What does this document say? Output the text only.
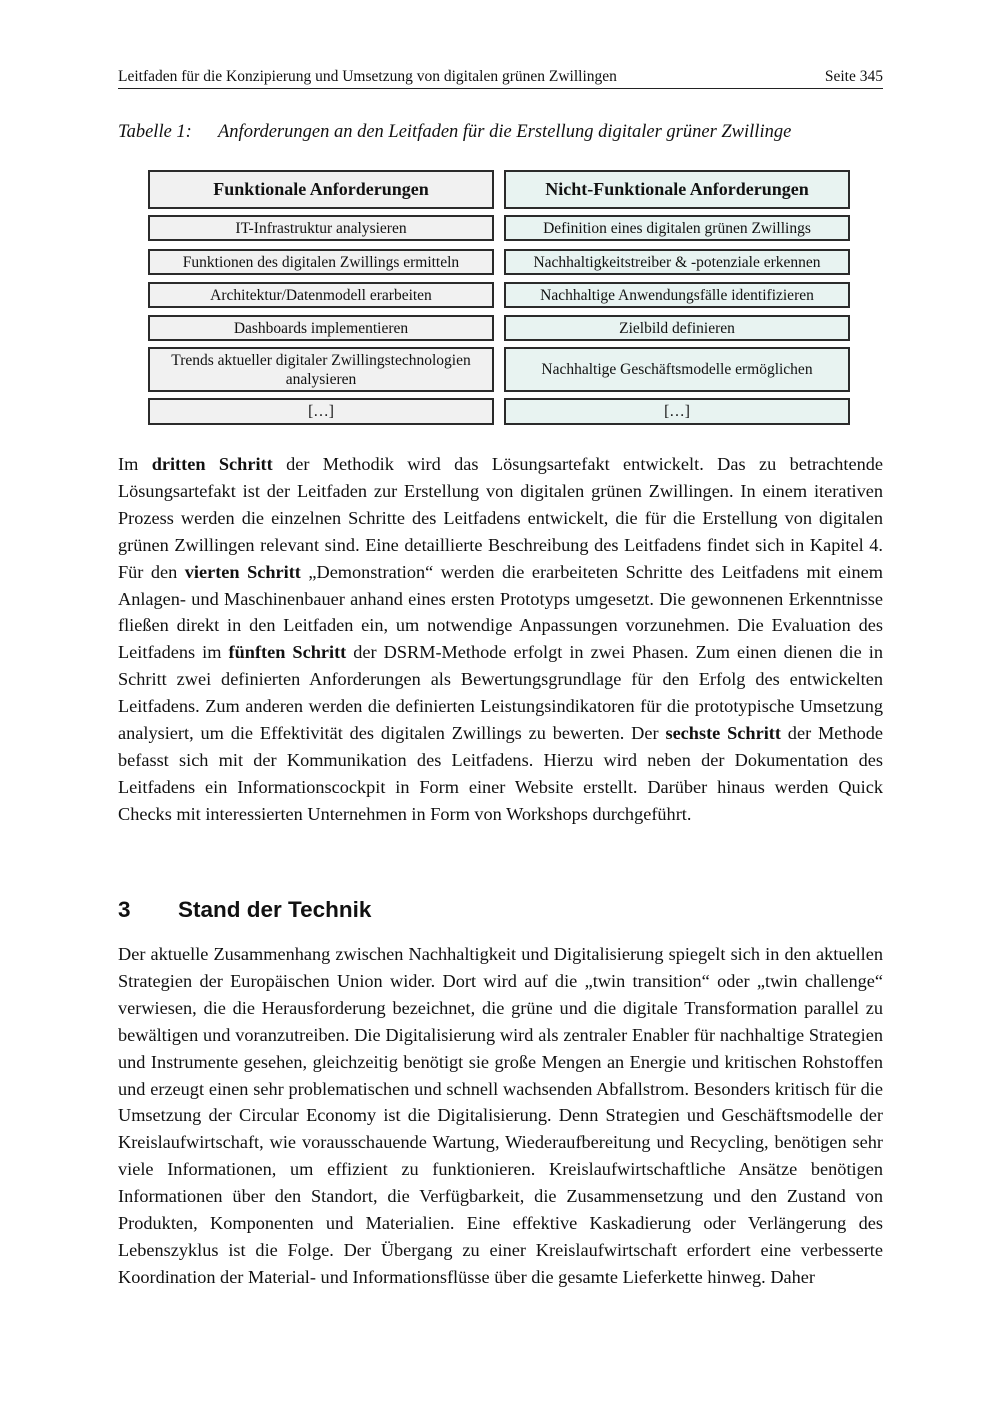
Leitfaden für die Konzipierung und Umsetzung von digitalen grünen Zwillingen	Seite 345
Tabelle 1: Anforderungen an den Leitfaden für die Erstellung digitaler grüner Zwillinge
Funktionale Anforderungen
IT-Infrastruktur analysieren
Funktionen des digitalen Zwillings ermitteln
Architektur/Datenmodell erarbeiten
Dashboards implementieren
Trends aktueller digitaler Zwillingstechnologien analysieren
[…]
Nicht-Funktionale Anforderungen
Definition eines digitalen grünen Zwillings
Nachhaltigkeitstreiber & -potenziale erkennen
Nachhaltige Anwendungsfälle identifizieren
Zielbild definieren
Nachhaltige Geschäftsmodelle ermöglichen
[…]

Im dritten Schritt der Methodik wird das Lösungsartefakt entwickelt. Das zu betrachtende Lösungsartefakt ist der Leitfaden zur Erstellung von digitalen grünen Zwillingen. In einem iterativen Prozess werden die einzelnen Schritte des Leitfadens entwickelt, die für die Erstellung von digitalen grünen Zwillingen relevant sind. Eine detaillierte Beschreibung des Leitfadens findet sich in Kapitel 4. Für den vierten Schritt „Demonstration“ werden die erarbeiteten Schritte des Leitfadens mit einem Anlagen- und Maschinenbauer anhand eines ersten Prototyps umgesetzt. Die gewonnenen Erkenntnisse fließen direkt in den Leitfaden ein, um notwendige Anpassungen vorzunehmen. Die Evaluation des Leitfadens im fünften Schritt der DSRM-Methode erfolgt in zwei Phasen. Zum einen dienen die in Schritt zwei definierten Anforderungen als Bewertungsgrundlage für den Erfolg des entwickelten Leitfadens. Zum anderen werden die definierten Leistungsindikatoren für die prototypische Umsetzung analysiert, um die Effektivität des digitalen Zwillings zu bewerten. Der sechste Schritt der Methode befasst sich mit der Kommunikation des Leitfadens. Hierzu wird neben der Dokumentation des Leitfadens ein Informationscockpit in Form einer Website erstellt. Darüber hinaus werden Quick Checks mit interessierten Unternehmen in Form von Workshops durchgeführt.

3 Stand der Technik

Der aktuelle Zusammenhang zwischen Nachhaltigkeit und Digitalisierung spiegelt sich in den aktuellen Strategien der Europäischen Union wider. Dort wird auf die „twin transition“ oder „twin challenge“ verwiesen, die die Herausforderung bezeichnet, die grüne und die digitale Transformation parallel zu bewältigen und voranzutreiben. Die Digitalisierung wird als zentraler Enabler für nachhaltige Strategien und Instrumente gesehen, gleichzeitig benötigt sie große Mengen an Energie und kritischen Rohstoffen und erzeugt einen sehr problematischen und schnell wachsenden Abfallstrom. Besonders kritisch für die Umsetzung der Circular Economy ist die Digitalisierung. Denn Strategien und Geschäftsmodelle der Kreislaufwirtschaft, wie vorausschauende Wartung, Wiederaufbereitung und Recycling, benötigen sehr viele Informationen, um effizient zu funktionieren. Kreislaufwirtschaftliche Ansätze benötigen Informationen über den Standort, die Verfügbarkeit, die Zusammensetzung und den Zustand von Produkten, Komponenten und Materialien. Eine effektive Kaskadierung oder Verlängerung des Lebenszyklus ist die Folge. Der Übergang zu einer Kreislaufwirtschaft erfordert eine verbesserte Koordination der Material- und Informationsflüsse über die gesamte Lieferkette hinweg. Daher
